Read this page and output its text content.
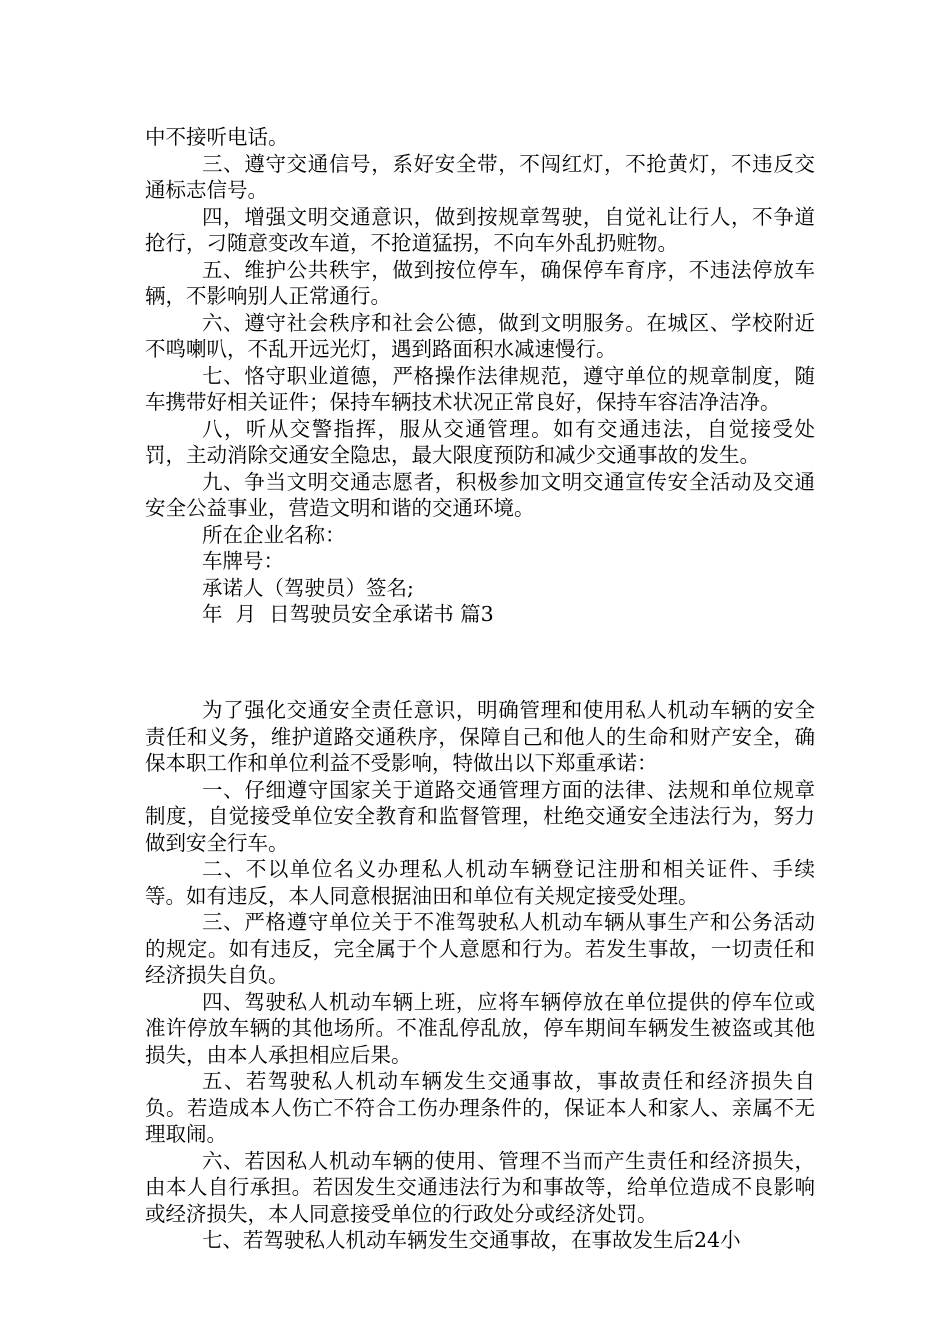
中不接听电话。

三、遵守交通信号，系好安全带，不闯红灯，不抢黄灯，不违反交通标志信号。

四，增强文明交通意识，做到按规章驾驶，自觉礼让行人，不争道抢行，刁随意变改车道，不抢道猛拐，不向车外乱扔赃物。

五、维护公共秩宇，做到按位停车，确保停车育序，不违法停放车辆，不影响别人正常通行。

六、遵守社会秩序和社会公德，做到文明服务。在城区、学校附近不鸣喇叭，不乱开远光灯，遇到路面积水减速慢行。

七、恪守职业道德，严格操作法律规范，遵守单位的规章制度，随车携带好相关证件；保持车辆技术状况正常良好，保持车容洁净洁净。

八，听从交警指挥，服从交通管理。如有交通违法，自觉接受处罚，主动消除交通安全隐忠，最大限度预防和减少交通事故的发生。

九、争当文明交通志愿者，积极参加文明交通宣传安全活动及交通安全公益事业，营造文明和谐的交通环境。

所在企业名称：

车牌号：

承诺人（驾驶员）签名;

年  月  日驾驶员安全承诺书 篇3

为了强化交通安全责任意识，明确管理和使用私人机动车辆的安全责任和义务，维护道路交通秩序，保障自己和他人的生命和财产安全，确保本职工作和单位利益不受影响，特做出以下郑重承诺：

一、仔细遵守国家关于道路交通管理方面的法律、法规和单位规章制度，自觉接受单位安全教育和监督管理，杜绝交通安全违法行为，努力做到安全行车。

二、不以单位名义办理私人机动车辆登记注册和相关证件、手续等。如有违反，本人同意根据油田和单位有关规定接受处理。

三、严格遵守单位关于不准驾驶私人机动车辆从事生产和公务活动的规定。如有违反，完全属于个人意愿和行为。若发生事故，一切责任和经济损失自负。

四、驾驶私人机动车辆上班，应将车辆停放在单位提供的停车位或准许停放车辆的其他场所。不准乱停乱放，停车期间车辆发生被盗或其他损失，由本人承担相应后果。

五、若驾驶私人机动车辆发生交通事故，事故责任和经济损失自负。若造成本人伤亡不符合工伤办理条件的，保证本人和家人、亲属不无理取闹。

六、若因私人机动车辆的使用、管理不当而产生责任和经济损失，由本人自行承担。若因发生交通违法行为和事故等，给单位造成不良影响或经济损失，本人同意接受单位的行政处分或经济处罚。

七、若驾驶私人机动车辆发生交通事故，在事故发生后24小
